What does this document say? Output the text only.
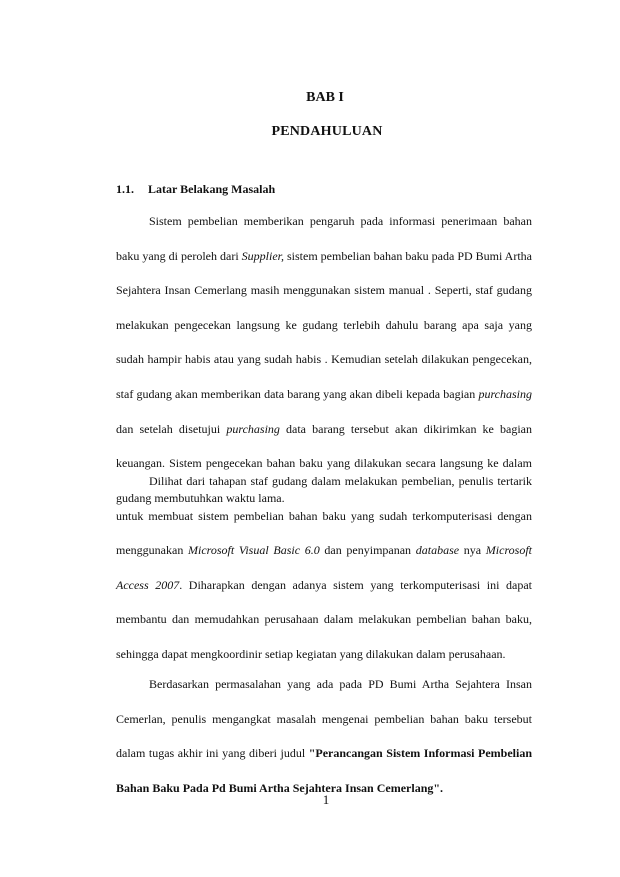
BAB I
PENDAHULUAN
1.1. Latar Belakang Masalah

Sistem pembelian memberikan pengaruh pada informasi penerimaan bahan baku yang di peroleh dari Supplier, sistem pembelian bahan baku pada PD Bumi Artha Sejahtera Insan Cemerlang masih menggunakan sistem manual . Seperti, staf gudang melakukan pengecekan langsung ke gudang terlebih dahulu barang apa saja yang sudah hampir habis atau yang sudah habis . Kemudian setelah dilakukan pengecekan, staf gudang akan memberikan data barang yang akan dibeli kepada bagian purchasing dan setelah disetujui purchasing data barang tersebut akan dikirimkan ke bagian keuangan. Sistem pengecekan bahan baku yang dilakukan secara langsung ke dalam gudang membutuhkan waktu lama.

Dilihat dari tahapan staf gudang dalam melakukan pembelian, penulis tertarik untuk membuat sistem pembelian bahan baku yang sudah terkomputerisasi dengan menggunakan Microsoft Visual Basic 6.0 dan penyimpanan database nya Microsoft Access 2007. Diharapkan dengan adanya sistem yang terkomputerisasi ini dapat membantu dan memudahkan perusahaan dalam melakukan pembelian bahan baku, sehingga dapat mengkoordinir setiap kegiatan yang dilakukan dalam perusahaan.

Berdasarkan permasalahan yang ada pada PD Bumi Artha Sejahtera Insan Cemerlan, penulis mengangkat masalah mengenai pembelian bahan baku tersebut dalam tugas akhir ini yang diberi judul "Perancangan Sistem Informasi Pembelian Bahan Baku Pada Pd Bumi Artha Sejahtera Insan Cemerlang".

1
